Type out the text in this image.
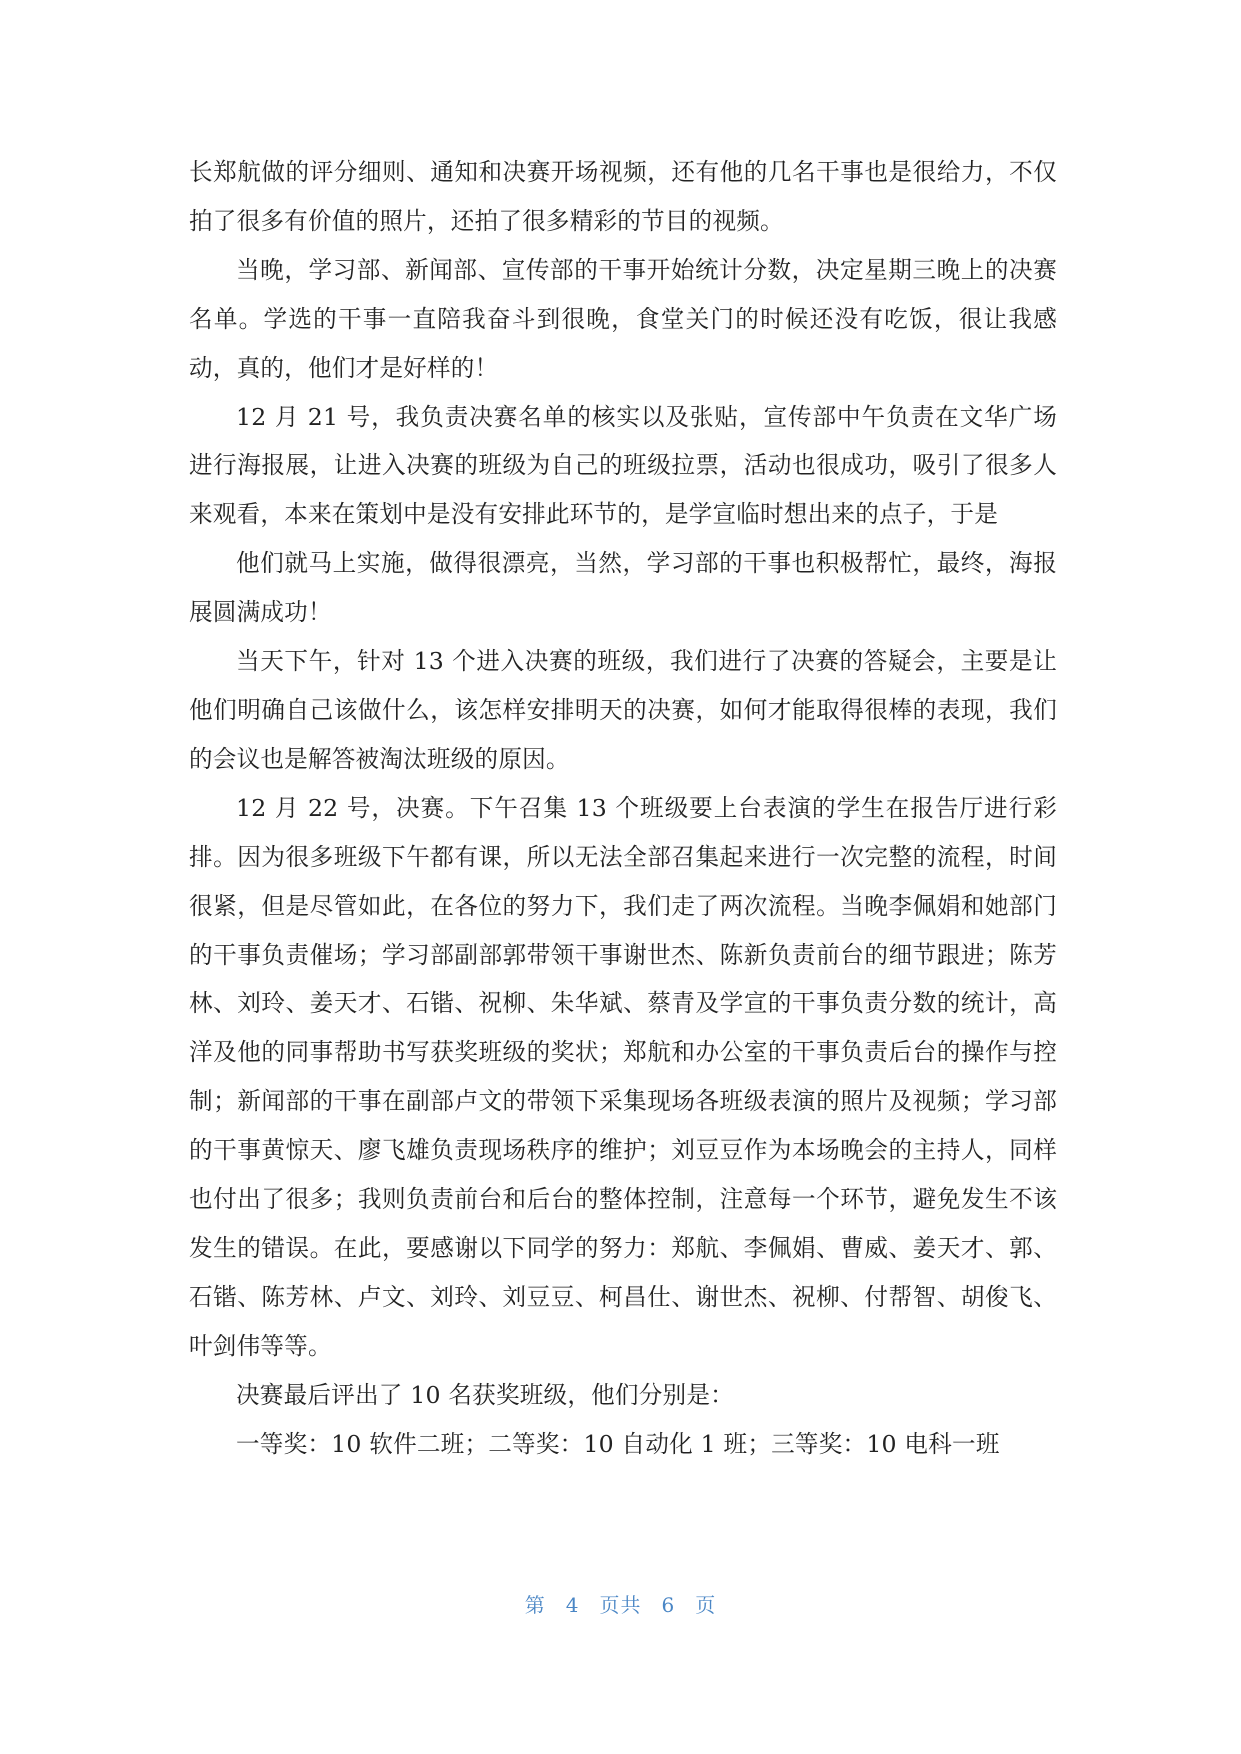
长郑航做的评分细则、通知和决赛开场视频，还有他的几名干事也是很给力，不仅拍了很多有价值的照片，还拍了很多精彩的节目的视频。

当晚，学习部、新闻部、宣传部的干事开始统计分数，决定星期三晚上的决赛名单。学选的干事一直陪我奋斗到很晚，食堂关门的时候还没有吃饭，很让我感动，真的，他们才是好样的！

12 月 21 号，我负责决赛名单的核实以及张贴，宣传部中午负责在文华广场进行海报展，让进入决赛的班级为自己的班级拉票，活动也很成功，吸引了很多人来观看，本来在策划中是没有安排此环节的，是学宣临时想出来的点子，于是

他们就马上实施，做得很漂亮，当然，学习部的干事也积极帮忙，最终，海报展圆满成功！

当天下午，针对 13 个进入决赛的班级，我们进行了决赛的答疑会，主要是让他们明确自己该做什么，该怎样安排明天的决赛，如何才能取得很棒的表现，我们的会议也是解答被淘汰班级的原因。

12 月 22 号，决赛。下午召集 13 个班级要上台表演的学生在报告厅进行彩排。因为很多班级下午都有课，所以无法全部召集起来进行一次完整的流程，时间很紧，但是尽管如此，在各位的努力下，我们走了两次流程。当晚李佩娟和她部门的干事负责催场；学习部副部郭带领干事谢世杰、陈新负责前台的细节跟进；陈芳林、刘玲、姜天才、石锴、祝柳、朱华斌、蔡青及学宣的干事负责分数的统计，高洋及他的同事帮助书写获奖班级的奖状；郑航和办公室的干事负责后台的操作与控制；新闻部的干事在副部卢文的带领下采集现场各班级表演的照片及视频；学习部的干事黄惊天、廖飞雄负责现场秩序的维护；刘豆豆作为本场晚会的主持人，同样也付出了很多；我则负责前台和后台的整体控制，注意每一个环节，避免发生不该发生的错误。在此，要感谢以下同学的努力：郑航、李佩娟、曹威、姜天才、郭、石锴、陈芳林、卢文、刘玲、刘豆豆、柯昌仕、谢世杰、祝柳、付帮智、胡俊飞、叶剑伟等等。

决赛最后评出了 10 名获奖班级，他们分别是：

一等奖：10 软件二班；二等奖：10 自动化 1 班；三等奖：10 电科一班

第 4 页共 6 页
